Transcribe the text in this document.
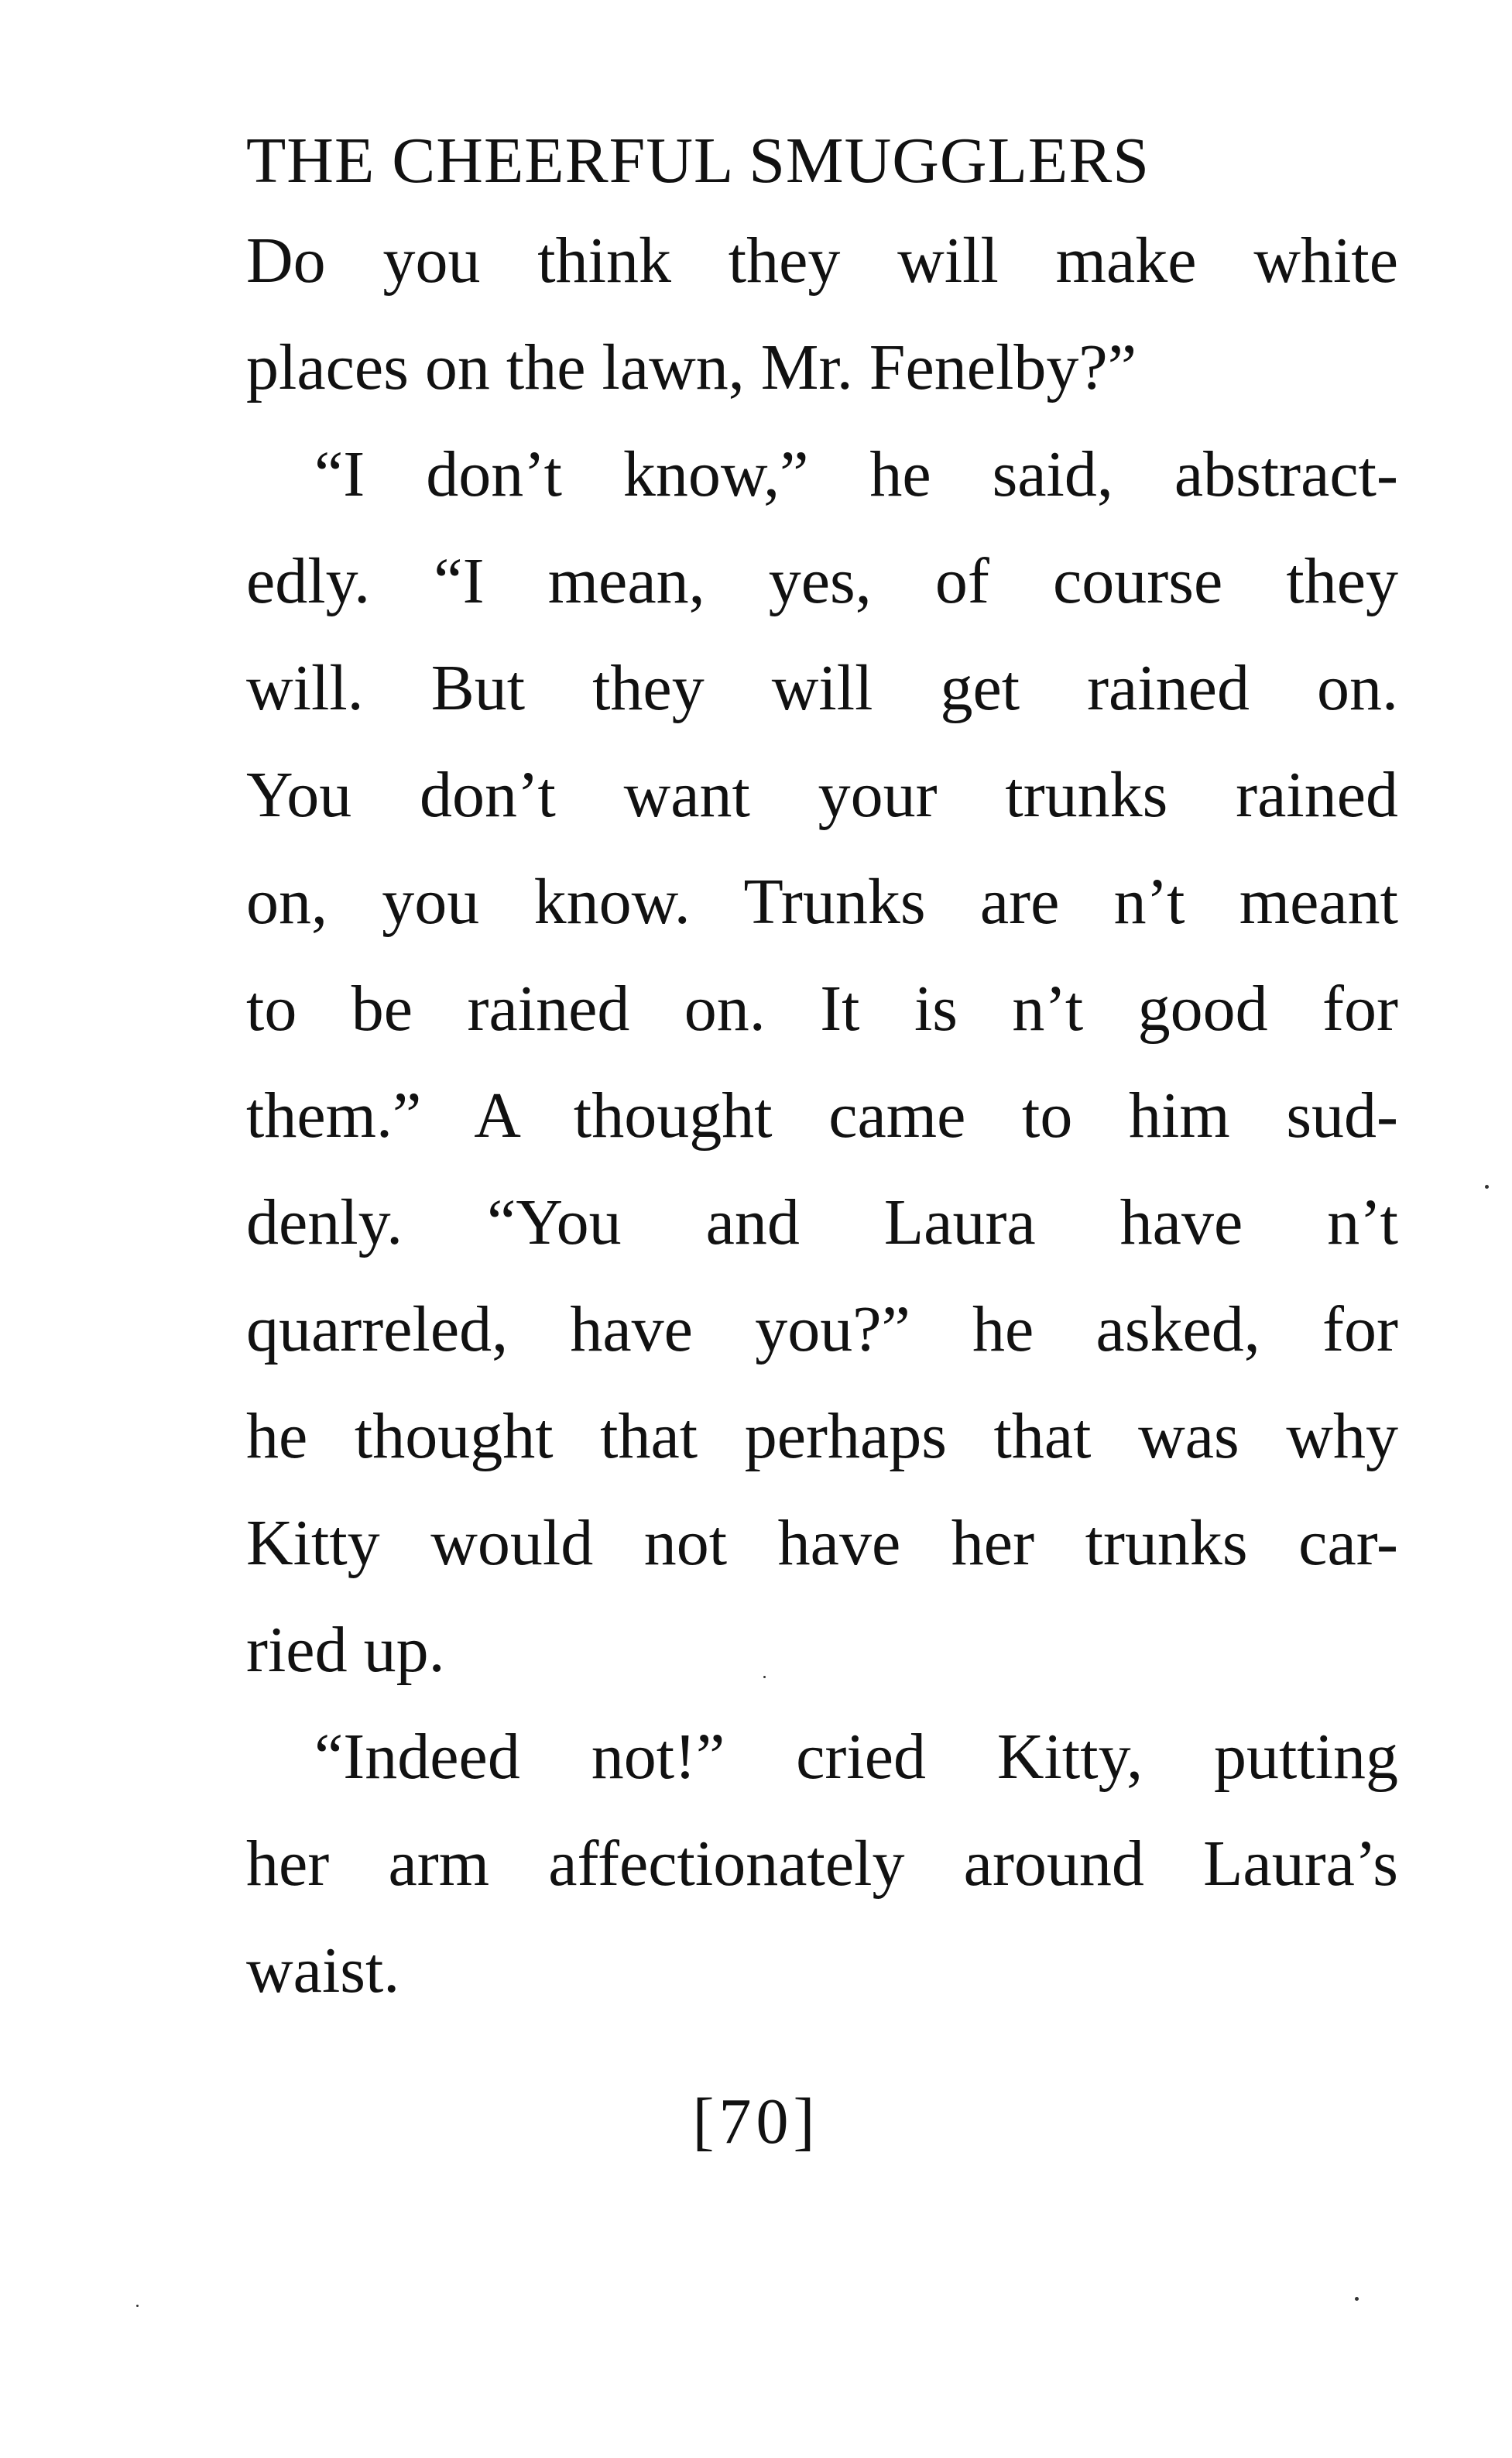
THE CHEERFUL SMUGGLERS

Do you think they will make white
places on the lawn, Mr. Fenelby?”

“I don’t know,” he said, abstract-
edly. “I mean, yes, of course they
will. But they will get rained on.
You don’t want your trunks rained
on, you know. Trunks are n’t meant
to be rained on. It is n’t good for
them.” A thought came to him sud-
denly. “You and Laura have n’t
quarreled, have you?” he asked, for
he thought that perhaps that was why
Kitty would not have her trunks car-
ried up.

“Indeed not!” cried Kitty, putting
her arm affectionately around Laura’s
waist.

[70]
